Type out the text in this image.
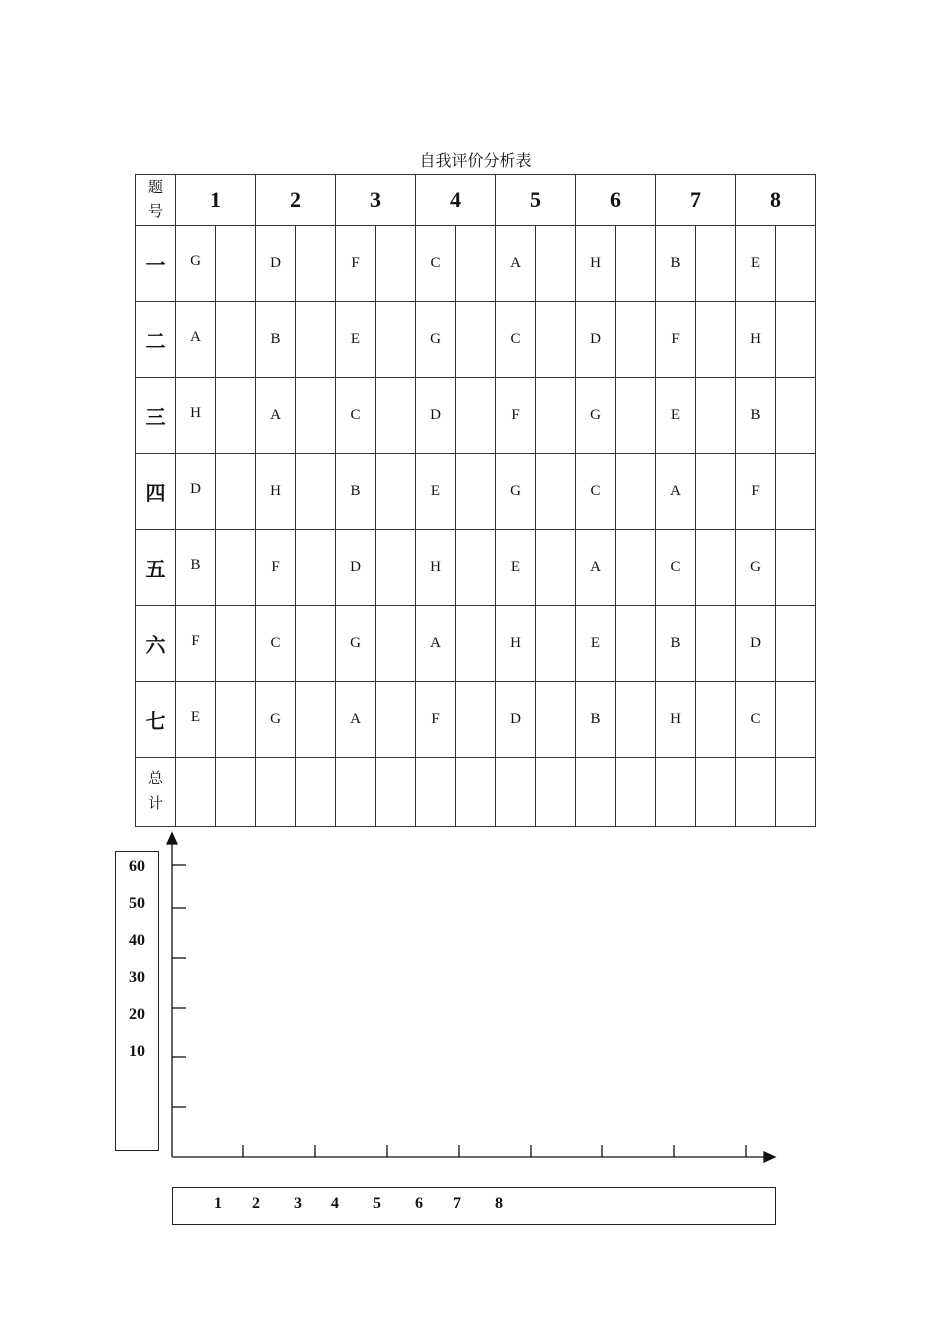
自我评价分析表
题
号	1		2		3		4		5		6		7		8	
一	G		D		F		C		A		H		B		E	
二	A		B		E		G		C		D		F		H	
三	H		A		C		D		F		G		E		B	
四	D		H		B		E		G		C		A		F	
五	B		F		D		H		E		A		C		G	
六	F		C		G		A		H		E		B		D	
七	E		G		A		F		D		B		H		C	

总
计																

60
50
40
30
20
10
1 2 3 4 5 6 7 8
